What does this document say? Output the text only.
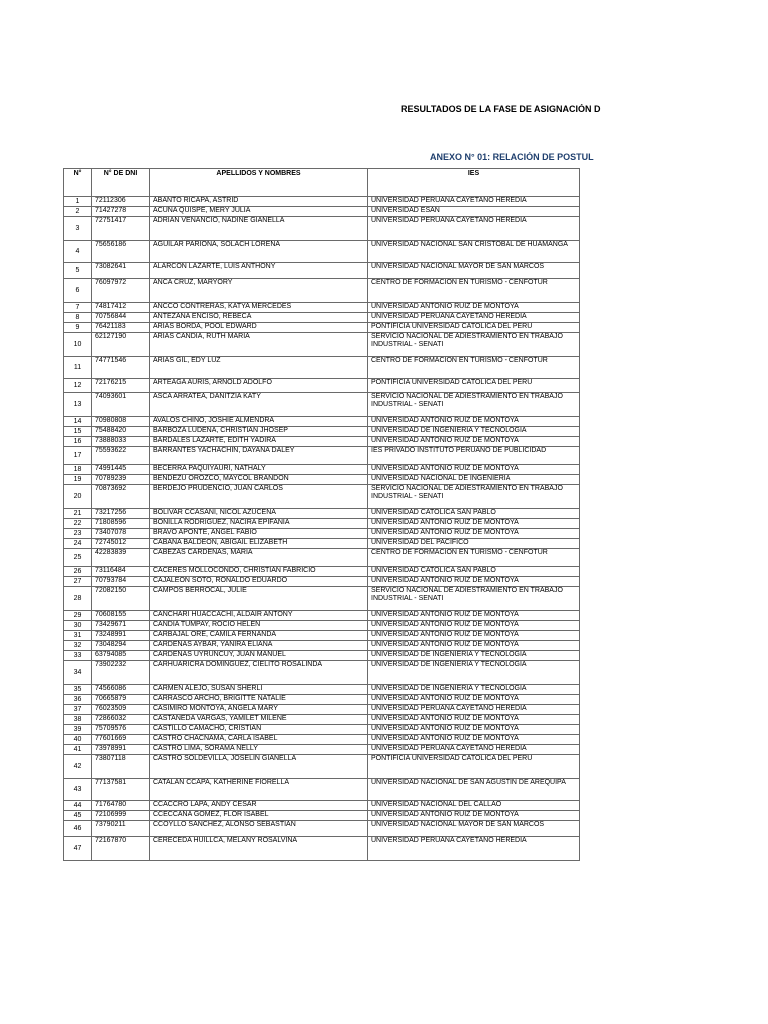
RESULTADOS DE LA FASE DE ASIGNACIÓN D
ANEXO N° 01: RELACIÓN DE POSTUL
N°	N° DE DNI	APELLIDOS Y NOMBRES	IES
1	72112306	ABANTO RICAPA, ASTRID	UNIVERSIDAD PERUANA CAYETANO HEREDIA
2	71427278	ACUÑA QUISPE, MERY JULIA	UNIVERSIDAD ESAN
3	72751417	ADRIAN VENANCIO, NADINE GIANELLA	UNIVERSIDAD PERUANA CAYETANO HEREDIA
4	75656186	AGUILAR PARIONA, SOLACH LORENA	UNIVERSIDAD NACIONAL SAN CRISTOBAL DE HUAMANGA
5	73082641	ALARCON LAZARTE, LUIS ANTHONY	UNIVERSIDAD NACIONAL MAYOR DE SAN MARCOS
6	76097972	ANCA CRUZ, MARYORY	CENTRO DE FORMACION EN TURISMO - CENFOTUR
7	74817412	ANCCO CONTRERAS, KATYA MERCEDES	UNIVERSIDAD ANTONIO RUIZ DE MONTOYA
8	70756844	ANTEZANA ENCISO, REBECA	UNIVERSIDAD PERUANA CAYETANO HEREDIA
9	76421183	ARIAS BORDA, POOL EDWARD	PONTIFICIA UNIVERSIDAD CATOLICA DEL PERU
10	62127190	ARIAS CANDIA, RUTH MARIA	SERVICIO NACIONAL DE ADIESTRAMIENTO EN TRABAJO INDUSTRIAL - SENATI
11	74771546	ARIAS GIL, EDY LUZ	CENTRO DE FORMACION EN TURISMO - CENFOTUR
12	72176215	ARTEAGA AURIS, ARNOLD ADOLFO	PONTIFICIA UNIVERSIDAD CATOLICA DEL PERU
13	74093601	ASCA ARRATEA, DANITZIA KATY	SERVICIO NACIONAL DE ADIESTRAMIENTO EN TRABAJO INDUSTRIAL - SENATI
14	70980808	AVALOS CHINO, JOSHIE ALMENDRA	UNIVERSIDAD ANTONIO RUIZ DE MONTOYA
15	75488420	BARBOZA LUDEÑA, CHRISTIAN JHOSEP	UNIVERSIDAD DE INGENIERIA Y TECNOLOGIA
16	73888033	BARDALES LAZARTE, EDITH YADIRA	UNIVERSIDAD ANTONIO RUIZ DE MONTOYA
17	75593622	BARRANTES YACHACHIN, DAYANA DALEY	IES PRIVADO INSTITUTO PERUANO DE PUBLICIDAD
18	74991445	BECERRA PAQUIYAURI, NATHALY	UNIVERSIDAD ANTONIO RUIZ DE MONTOYA
19	70789239	BENDEZU OROZCO, MAYCOL BRANDON	UNIVERSIDAD NACIONAL DE INGENIERIA
20	70873692	BERDEJO PRUDENCIO, JUAN CARLOS	SERVICIO NACIONAL DE ADIESTRAMIENTO EN TRABAJO INDUSTRIAL - SENATI
21	73217256	BOLIVAR CCASANI, NICOL AZUCENA	UNIVERSIDAD CATOLICA SAN PABLO
22	71808596	BONILLA RODRIGUEZ, NACIRA EPIFANIA	UNIVERSIDAD ANTONIO RUIZ DE MONTOYA
23	73407078	BRAVO APONTE, ANGEL FABIO	UNIVERSIDAD ANTONIO RUIZ DE MONTOYA
24	72745012	CABANA BALDEON, ABIGAIL ELIZABETH	UNIVERSIDAD DEL PACIFICO
25	42283839	CABEZAS CARDENAS, MARIA	CENTRO DE FORMACION EN TURISMO - CENFOTUR
26	73116484	CACERES MOLLOCONDO, CHRISTIAN FABRICIO	UNIVERSIDAD CATOLICA SAN PABLO
27	70793784	CAJALEON SOTO, RONALDO EDUARDO	UNIVERSIDAD ANTONIO RUIZ DE MONTOYA
28	72082150	CAMPOS BERROCAL, JULIE	SERVICIO NACIONAL DE ADIESTRAMIENTO EN TRABAJO INDUSTRIAL - SENATI
29	70608155	CANCHARI HUACCACHI, ALDAIR ANTONY	UNIVERSIDAD ANTONIO RUIZ DE MONTOYA
30	73429671	CANDIA TUMPAY, ROCIO HELEN	UNIVERSIDAD ANTONIO RUIZ DE MONTOYA
31	73248991	CARBAJAL ORE, CAMILA FERNANDA	UNIVERSIDAD ANTONIO RUIZ DE MONTOYA
32	73048294	CARDENAS AYBAR, YANIRA ELIANA	UNIVERSIDAD ANTONIO RUIZ DE MONTOYA
33	63794085	CARDENAS UYRUNCUY, JUAN MANUEL	UNIVERSIDAD DE INGENIERIA Y TECNOLOGIA
34	73902232	CARHUARICRA DOMINGUEZ, CIELITO ROSALINDA	UNIVERSIDAD DE INGENIERIA Y TECNOLOGIA
35	74566086	CARMEN ALEJO, SUSAN SHERLI	UNIVERSIDAD DE INGENIERIA Y TECNOLOGIA
36	70665879	CARRASCO ARCHO, BRIGITTE NATALIE	UNIVERSIDAD ANTONIO RUIZ DE MONTOYA
37	76023509	CASIMIRO MONTOYA, ANGELA MARY	UNIVERSIDAD PERUANA CAYETANO HEREDIA
38	72866032	CASTAÑEDA VARGAS, YAMILET MILENE	UNIVERSIDAD ANTONIO RUIZ DE MONTOYA
39	75709576	CASTILLO CAMACHO, CRISTIAN	UNIVERSIDAD ANTONIO RUIZ DE MONTOYA
40	77601669	CASTRO CHACÑAMA, CARLA ISABEL	UNIVERSIDAD ANTONIO RUIZ DE MONTOYA
41	73978991	CASTRO LIMA, SORAMA NELLY	UNIVERSIDAD PERUANA CAYETANO HEREDIA
42	73807118	CASTRO SOLDEVILLA, JOSELIN GIANELLA	PONTIFICIA UNIVERSIDAD CATOLICA DEL PERU
43	77137581	CATALAN CCAPA, KATHERINE FIORELLA	UNIVERSIDAD NACIONAL DE SAN AGUSTIN DE AREQUIPA
44	71764780	CCACCRO LAPA, ANDY CESAR	UNIVERSIDAD NACIONAL DEL CALLAO
45	72106999	CCECCAÑA GOMEZ, FLOR ISABEL	UNIVERSIDAD ANTONIO RUIZ DE MONTOYA
46	73790211	CCOYLLO SANCHEZ, ALONSO SEBASTIAN	UNIVERSIDAD NACIONAL MAYOR DE SAN MARCOS
47	72167870	CERECEDA HUILLCA, MELANY ROSALVINA	UNIVERSIDAD PERUANA CAYETANO HEREDIA
